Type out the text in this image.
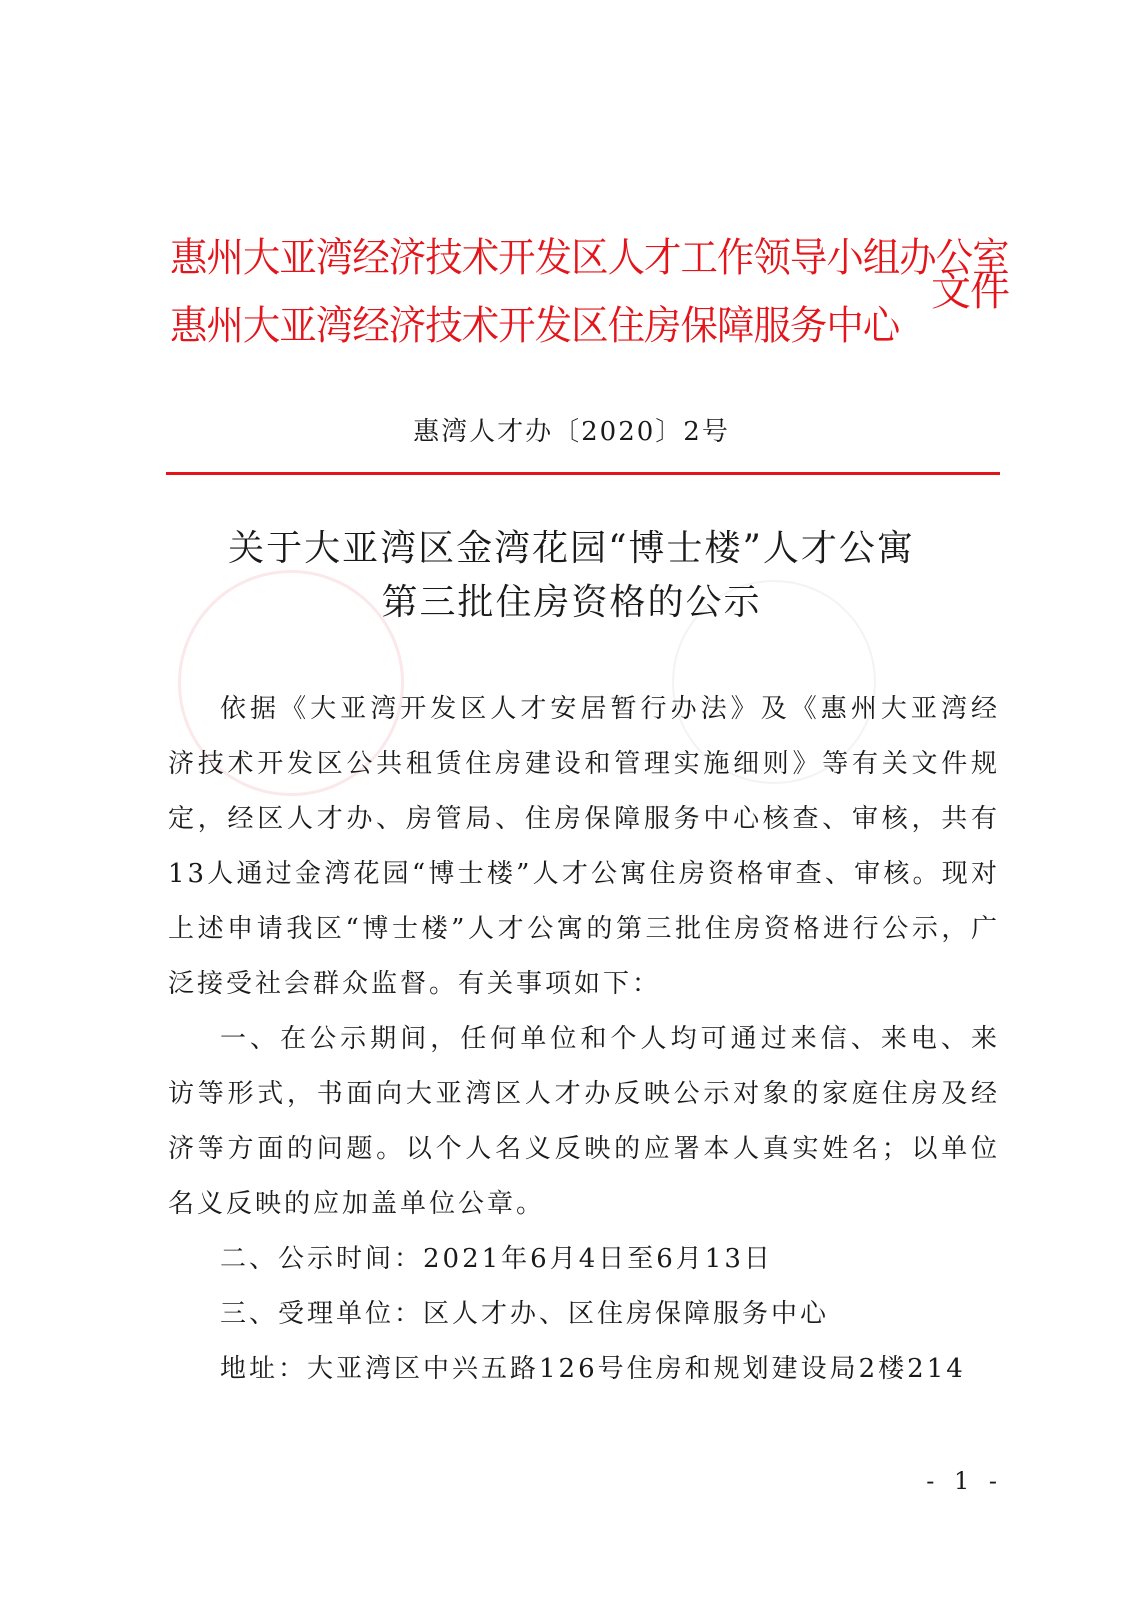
惠州大亚湾经济技术开发区人才工作领导小组办公室
惠州大亚湾经济技术开发区住房保障服务中心
文件
惠湾人才办〔2020〕2号
关于大亚湾区金湾花园“博士楼”人才公寓
第三批住房资格的公示

依据《大亚湾开发区人才安居暂行办法》及《惠州大亚湾经济技术开发区公共租赁住房建设和管理实施细则》等有关文件规定，经区人才办、房管局、住房保障服务中心核查、审核，共有13人通过金湾花园“博士楼”人才公寓住房资格审查、审核。现对上述申请我区“博士楼”人才公寓的第三批住房资格进行公示，广泛接受社会群众监督。有关事项如下：

一、在公示期间，任何单位和个人均可通过来信、来电、来访等形式，书面向大亚湾区人才办反映公示对象的家庭住房及经济等方面的问题。以个人名义反映的应署本人真实姓名；以单位名义反映的应加盖单位公章。

二、公示时间：2021年6月4日至6月13日

三、受理单位：区人才办、区住房保障服务中心

地址：大亚湾区中兴五路126号住房和规划建设局2楼214

- 1 -
